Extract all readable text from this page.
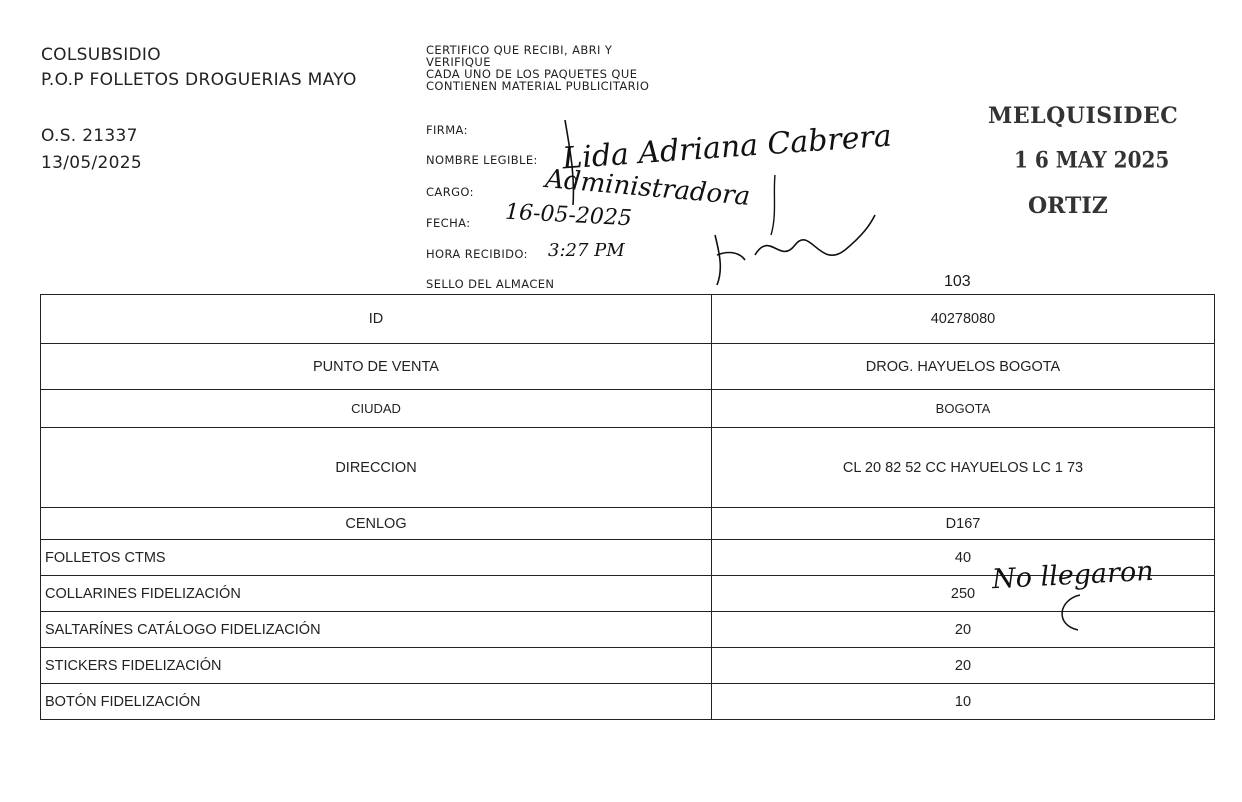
COLSUBSIDIO
P.O.P FOLLETOS DROGUERIAS MAYO
O.S. 21337
13/05/2025
CERTIFICO QUE RECIBI, ABRI Y
VERIFIQUE
CADA UNO DE LOS PAQUETES QUE
CONTIENEN MATERIAL PUBLICITARIO
FIRMA:
NOMBRE LEGIBLE:
CARGO:
FECHA:
HORA RECIBIDO:
SELLO DEL ALMACEN
Lida Adriana Cabrera
Administradora
16-05-2025
3:27 PM
MELQUISIDEC
1 6 MAY 2025
ORTIZ
103
ID	40278080
PUNTO DE VENTA	DROG. HAYUELOS BOGOTA
CIUDAD	BOGOTA
DIRECCION	CL 20 82 52 CC HAYUELOS LC 1 73
CENLOG	D167
FOLLETOS CTMS	40
COLLARINES FIDELIZACIÓN	250
SALTARÍNES CATÁLOGO FIDELIZACIÓN	20
STICKERS FIDELIZACIÓN	20
BOTÓN FIDELIZACIÓN	10
No llegaron
